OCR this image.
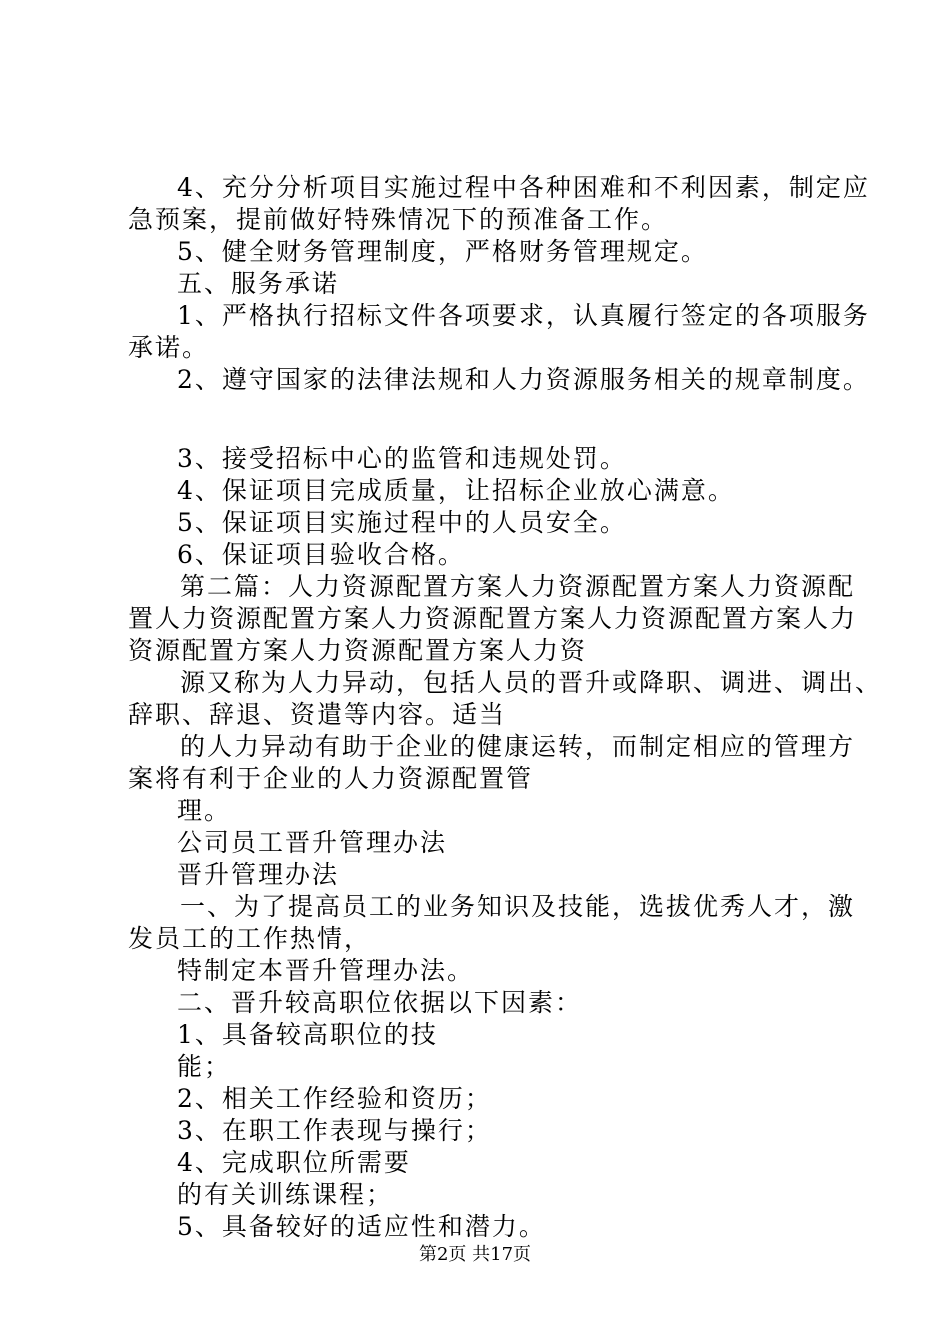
4、充分分析项目实施过程中各种困难和不利因素，制定应
急预案，提前做好特殊情况下的预准备工作。
5、健全财务管理制度，严格财务管理规定。
五、服务承诺
1、严格执行招标文件各项要求，认真履行签定的各项服务
承诺。
2、遵守国家的法律法规和人力资源服务相关的规章制度。
3、接受招标中心的监管和违规处罚。
4、保证项目完成质量，让招标企业放心满意。
5、保证项目实施过程中的人员安全。
6、保证项目验收合格。
第二篇：人力资源配置方案人力资源配置方案人力资源配
置人力资源配置方案人力资源配置方案人力资源配置方案人力
资源配置方案人力资源配置方案人力资
源又称为人力异动，包括人员的晋升或降职、调进、调出、
辞职、辞退、资遣等内容。适当
的人力异动有助于企业的健康运转，而制定相应的管理方
案将有利于企业的人力资源配置管
理。
公司员工晋升管理办法
晋升管理办法
一、为了提高员工的业务知识及技能，选拔优秀人才，激
发员工的工作热情，
特制定本晋升管理办法。
二、晋升较高职位依据以下因素：
1、具备较高职位的技
能；
2、相关工作经验和资历；
3、在职工作表现与操行；
4、完成职位所需要
的有关训练课程；
5、具备较好的适应性和潜力。
第2页 共17页
